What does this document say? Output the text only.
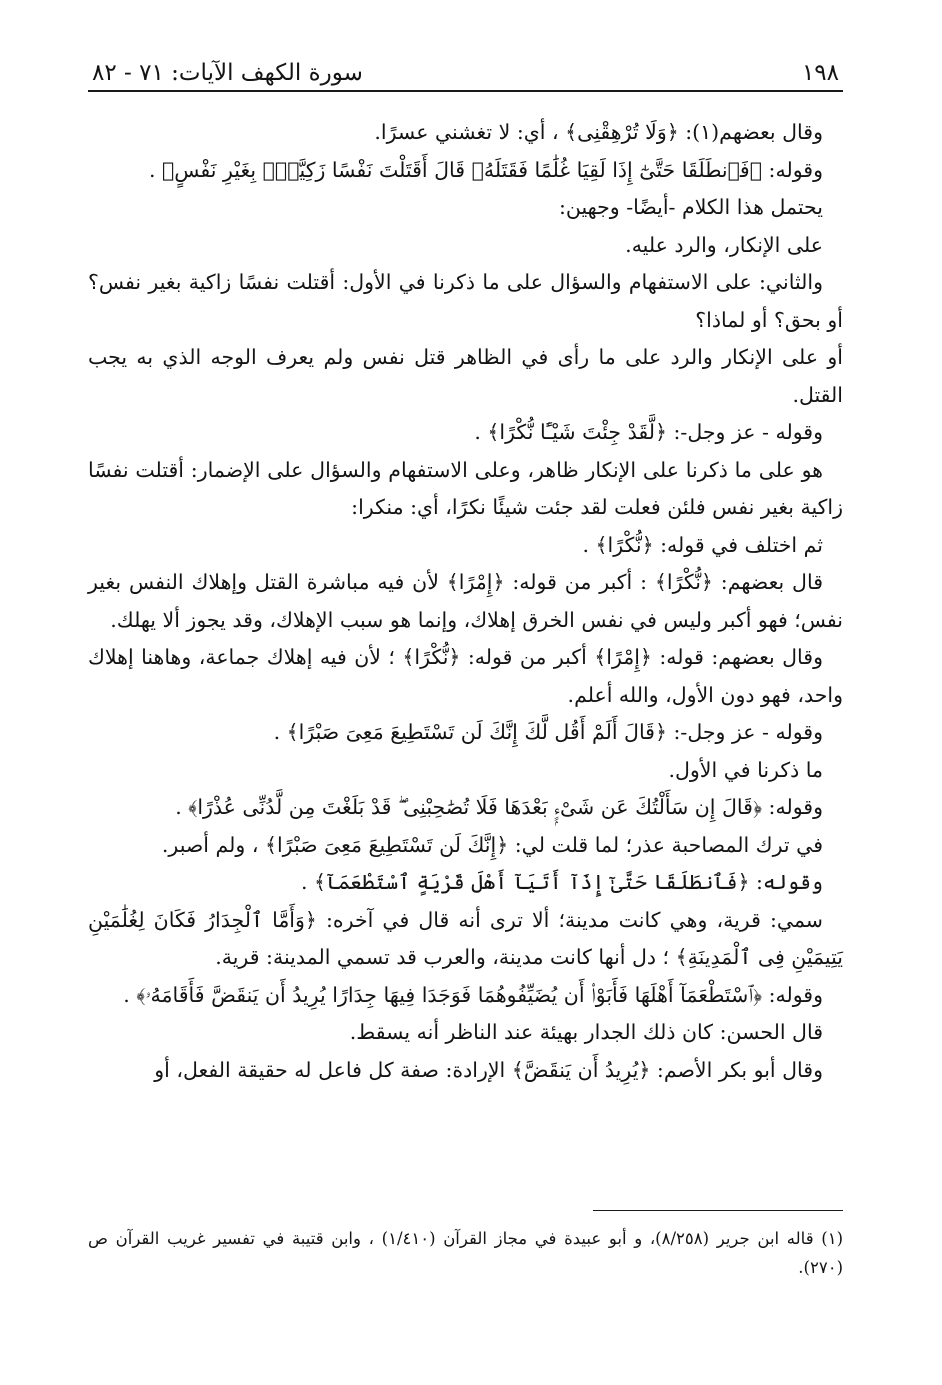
١٩٨
سورة الكهف الآيات: ٧١ - ٨٢

وقال بعضهم(١): ﴿وَلَا تُرْهِقْنِى﴾ ، أي: لا تغشني عسرًا.

وقوله: ﴿فَٱنطَلَقَا حَتَّىٰٓ إِذَا لَقِيَا غُلَٰمًا فَقَتَلَهُۥ قَالَ أَقَتَلْتَ نَفْسًا زَكِيَّةًۢ بِغَيْرِ نَفْسٍ﴾ .

يحتمل هذا الكلام -أيضًا- وجهين:

على الإنكار، والرد عليه.

والثاني: على الاستفهام والسؤال على ما ذكرنا في الأول: أقتلت نفسًا زاكية بغير نفس؟ أو بحق؟ أو لماذا؟

أو على الإنكار والرد على ما رأى في الظاهر قتل نفس ولم يعرف الوجه الذي به يجب القتل.

وقوله - عز وجل-: ﴿لَّقَدْ جِئْتَ شَيْـًٔا نُّكْرًا﴾ .

هو على ما ذكرنا على الإنكار ظاهر، وعلى الاستفهام والسؤال على الإضمار: أقتلت نفسًا زاكية بغير نفس فلئن فعلت لقد جئت شيئًا نكرًا، أي: منكرا:

ثم اختلف في قوله: ﴿نُّكْرًا﴾ .

قال بعضهم: ﴿نُّكْرًا﴾ : أكبر من قوله: ﴿إِمْرًا﴾ لأن فيه مباشرة القتل وإهلاك النفس بغير نفس؛ فهو أكبر وليس في نفس الخرق إهلاك، وإنما هو سبب الإهلاك، وقد يجوز ألا يهلك.

وقال بعضهم: قوله: ﴿إِمْرًا﴾ أكبر من قوله: ﴿نُّكْرًا﴾ ؛ لأن فيه إهلاك جماعة، وهاهنا إهلاك واحد، فهو دون الأول، والله أعلم.

وقوله - عز وجل-: ﴿قَالَ أَلَمْ أَقُل لَّكَ إِنَّكَ لَن تَسْتَطِيعَ مَعِىَ صَبْرًا﴾ .

ما ذكرنا في الأول.

وقوله: ﴿قَالَ إِن سَأَلْتُكَ عَن شَىْءٍۭ بَعْدَهَا فَلَا تُصَٰحِبْنِى ۖ قَدْ بَلَغْتَ مِن لَّدُنِّى عُذْرًا﴾ .

في ترك المصاحبة عذر؛ لما قلت لي: ﴿إِنَّكَ لَن تَسْتَطِيعَ مَعِىَ صَبْرًا﴾ ، ولم أصبر.

وقوله: ﴿فَٱنطَلَقَا حَتَّىٰٓ إِذَآ أَتَيَآ أَهْلَ قَرْيَةٍ ٱسْتَطْعَمَآ﴾ .

سمي: قرية، وهي كانت مدينة؛ ألا ترى أنه قال في آخره: ﴿وَأَمَّا ٱلْجِدَارُ فَكَانَ لِغُلَٰمَيْنِ يَتِيمَيْنِ فِى ٱلْمَدِينَةِ﴾ ؛ دل أنها كانت مدينة، والعرب قد تسمي المدينة: قرية.

وقوله: ﴿ٱسْتَطْعَمَآ أَهْلَهَا فَأَبَوْا۟ أَن يُضَيِّفُوهُمَا فَوَجَدَا فِيهَا جِدَارًا يُرِيدُ أَن يَنقَضَّ فَأَقَامَهُۥ﴾ .

قال الحسن: كان ذلك الجدار بهيئة عند الناظر أنه يسقط.

وقال أبو بكر الأصم: ﴿يُرِيدُ أَن يَنقَضَّ﴾ الإرادة: صفة كل فاعل له حقيقة الفعل، أو

(١) قاله ابن جرير (٨/٢٥٨)، و أبو عبيدة في مجاز القرآن (١/٤١٠) ، وابن قتيبة في تفسير غريب القرآن ص (٢٧٠).
